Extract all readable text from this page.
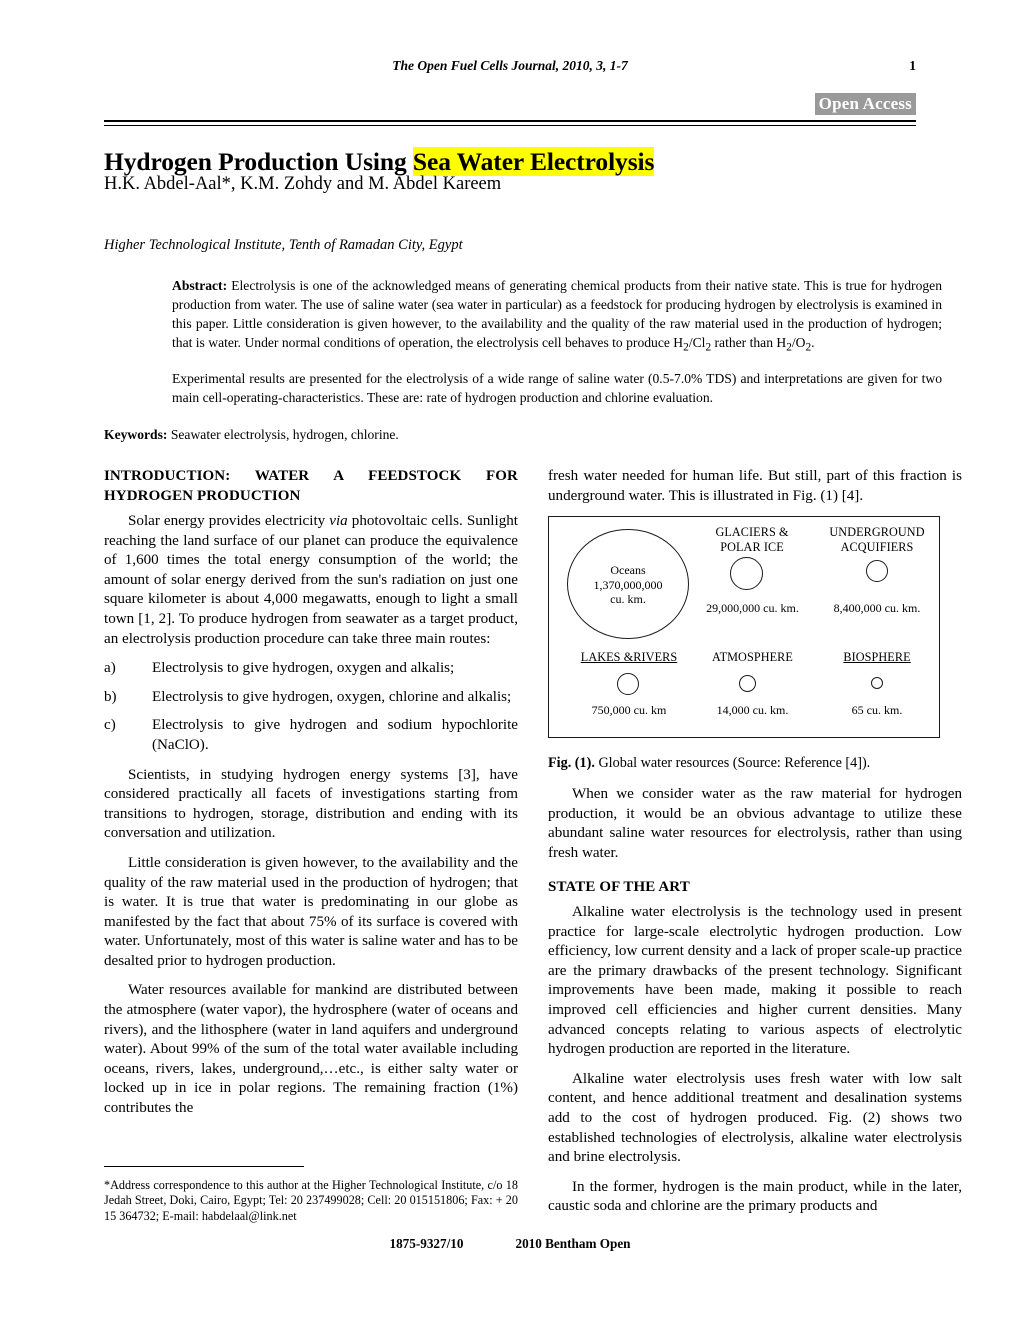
The Open Fuel Cells Journal, 2010, 3, 1-7	1
Open Access
Hydrogen Production Using Sea Water Electrolysis
H.K. Abdel-Aal*, K.M. Zohdy and M. Abdel Kareem
Higher Technological Institute, Tenth of Ramadan City, Egypt

Abstract: Electrolysis is one of the acknowledged means of generating chemical products from their native state. This is true for hydrogen production from water. The use of saline water (sea water in particular) as a feedstock for producing hydrogen by electrolysis is examined in this paper. Little consideration is given however, to the availability and the quality of the raw material used in the production of hydrogen; that is water. Under normal conditions of operation, the electrolysis cell behaves to produce $H_2/Cl_2$ rather than $H_2/O_2$.

Experimental results are presented for the electrolysis of a wide range of saline water (0.5-7.0% TDS) and interpretations are given for two main cell-operating-characteristics. These are: rate of hydrogen production and chlorine evaluation.

Keywords: Seawater electrolysis, hydrogen, chlorine.
INTRODUCTION: WATER A FEEDSTOCK FOR
HYDROGEN PRODUCTION

Solar energy provides electricity via photovoltaic cells. Sunlight reaching the land surface of our planet can produce the equivalence of 1,600 times the total energy consumption of the world; the amount of solar energy derived from the sun's radiation on just one square kilometer is about 4,000 megawatts, enough to light a small town [1, 2]. To produce hydrogen from seawater as a target product, an electrolysis production procedure can take three main routes:

a)	Electrolysis to give hydrogen, oxygen and alkalis;
b)	Electrolysis to give hydrogen, oxygen, chlorine and alkalis;
c)	Electrolysis to give hydrogen and sodium hypochlorite (NaClO).

Scientists, in studying hydrogen energy systems [3], have considered practically all facets of investigations starting from transitions to hydrogen, storage, distribution and ending with its conversation and utilization.

Little consideration is given however, to the availability and the quality of the raw material used in the production of hydrogen; that is water. It is true that water is predominating in our globe as manifested by the fact that about 75% of its surface is covered with water. Unfortunately, most of this water is saline water and has to be desalted prior to hydrogen production.

Water resources available for mankind are distributed between the atmosphere (water vapor), the hydrosphere (water of oceans and rivers), and the lithosphere (water in land aquifers and underground water). About 99% of the sum of the total water available including oceans, rivers, lakes, underground,…etc., is either salty water or locked up in ice in polar regions. The remaining fraction (1%) contributes the

fresh water needed for human life. But still, part of this fraction is underground water. This is illustrated in Fig. (1) [4].

Oceans
1,370,000,000
cu. km.
GLACIERS &
POLAR ICE
29,000,000 cu. km.
UNDERGROUND
ACQUIFIERS
8,400,000 cu. km.
LAKES &RIVERS
750,000 cu. km
ATMOSPHERE
14,000 cu. km.
BIOSPHERE
65 cu. km.
Fig. (1). Global water resources (Source: Reference [4]).

When we consider water as the raw material for hydrogen production, it would be an obvious advantage to utilize these abundant saline water resources for electrolysis, rather than using fresh water.

STATE OF THE ART

Alkaline water electrolysis is the technology used in present practice for large-scale electrolytic hydrogen production. Low efficiency, low current density and a lack of proper scale-up practice are the primary drawbacks of the present technology. Significant improvements have been made, making it possible to reach improved cell efficiencies and higher current densities. Many advanced concepts relating to various aspects of electrolytic hydrogen production are reported in the literature.

Alkaline water electrolysis uses fresh water with low salt content, and hence additional treatment and desalination systems add to the cost of hydrogen produced. Fig. (2) shows two established technologies of electrolysis, alkaline water electrolysis and brine electrolysis.

In the former, hydrogen is the main product, while in the later, caustic soda and chlorine are the primary products and

*Address correspondence to this author at the Higher Technological Institute, c/o 18 Jedah Street, Doki, Cairo, Egypt; Tel: 20 237499028; Cell: 20 015151806; Fax: + 20 15 364732; E-mail: habdelaal@link.net
1875-9327/10	2010 Bentham Open
